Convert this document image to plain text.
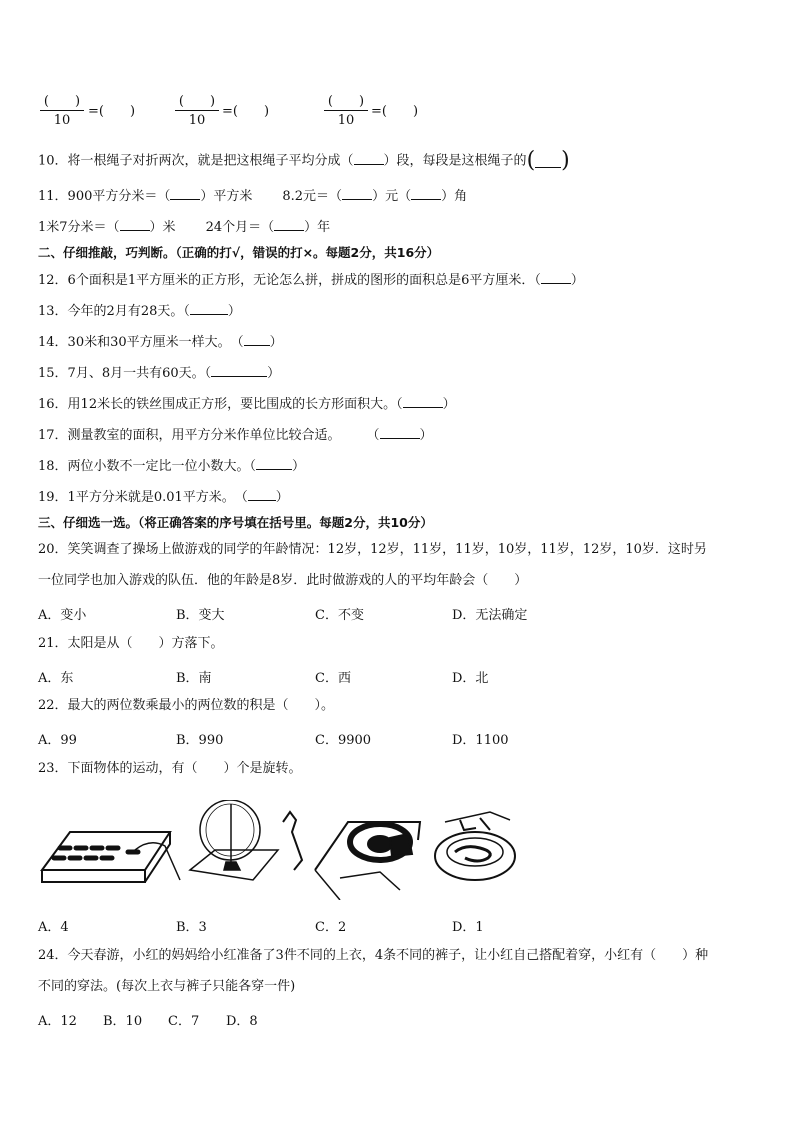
(　　)
10
=(　　)
(　　)
10
=(　　)
(　　)
10
=(　　)
10．将一根绳子对折两次，就是把这根绳子平均分成（ ）段，每段是这根绳子的( )
11．900平方分米＝（ ）平方米 8.2元＝（ ）元（ ）角
1米7分米＝（ ）米 24个月＝（ ）年
二、仔细推敲，巧判断。（正确的打√，错误的打×。每题2分，共16分）
12．6个面积是1平方厘米的正方形，无论怎么拼，拼成的图形的面积总是6平方厘米．（ ）
13．今年的2月有28天。（	）
14．30米和30平方厘米一样大。　（ ）
15．7月、8月一共有60天。（	）
16．用12米长的铁丝围成正方形，要比围成的长方形面积大。（	）
17．测量教室的面积，用平方分米作单位比较合适。　　　（	）
18．两位小数不一定比一位小数大。（	）
19．1平方分米就是0.01平方米。　（ ）
三、仔细选一选。（将正确答案的序号填在括号里。每题2分，共10分）
20．笑笑调查了操场上做游戏的同学的年龄情况：12岁，12岁，11岁，11岁，10岁，11岁，12岁，10岁．这时另
一位同学也加入游戏的队伍．他的年龄是8岁．此时做游戏的人的平均年龄会（　　）
A．变小	B．变大	C．不变	D．无法确定
21．太阳是从（　　）方落下。
A．东	B．南	C．西	D．北
22．最大的两位数乘最小的两位数的积是（　　）。
A．99	B．990	C．9900	D．1100
23．下面物体的运动，有（　　）个是旋转。
A．4	B．3	C．2	D．1
24．今天春游，小红的妈妈给小红准备了3件不同的上衣，4条不同的裤子，让小红自己搭配着穿，小红有（　　）种
不同的穿法。(每次上衣与裤子只能各穿一件)
A．12 B．10 C．7 D．8
